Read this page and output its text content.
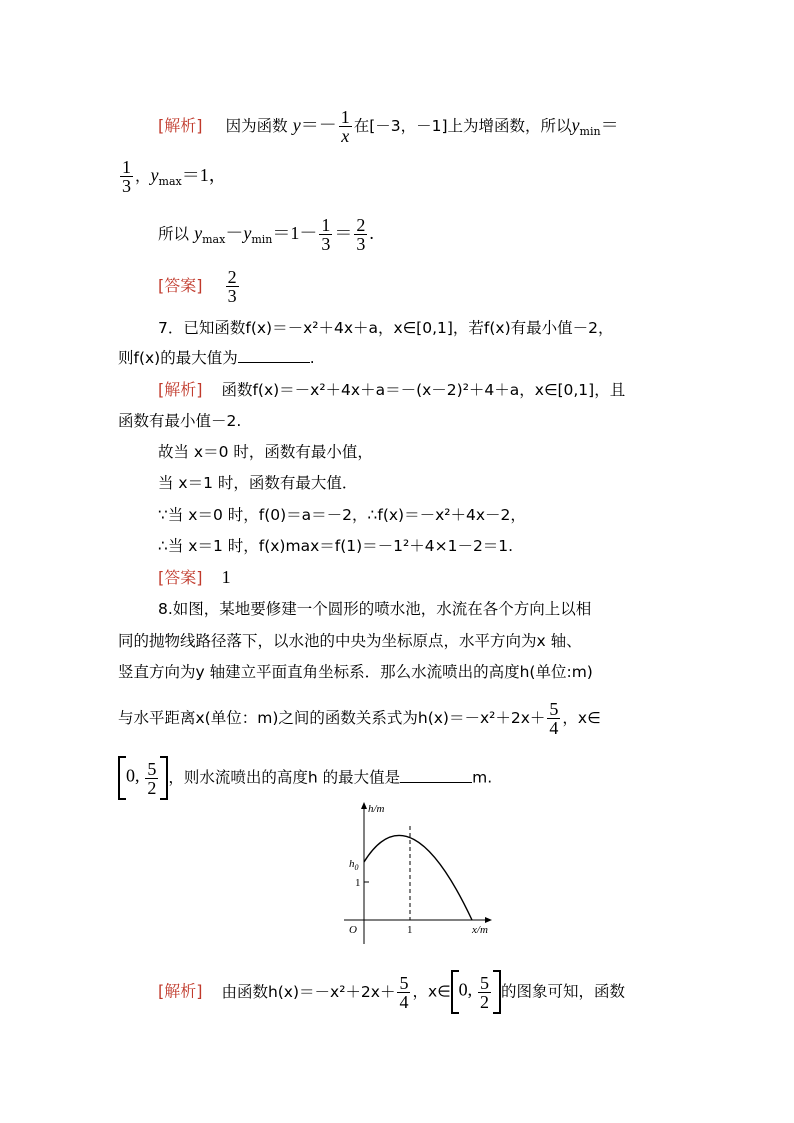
[解析] 因为函数 $y=- \frac{1}{x}$ 在[－3，－1]上为增函数，所以$y_{min}=$
$\frac{1}{3}$ ，$y_{max}=1$，
所以 $y_{max}-y_{min}=1- \frac{1}{3} = \frac{2}{3}$ .
[答案] $\frac{2}{3}$
7．已知函数f(x)＝－x²＋4x＋a，x∈[0,1]，若f(x)有最小值－2，
则f(x)的最大值为	.
[解析] 函数f(x)＝－x²＋4x＋a＝－(x－2)²＋4＋a，x∈[0,1]，且
函数有最小值－2.
故当 x＝0 时，函数有最小值，
当 x＝1 时，函数有最大值．
∵当 x＝0 时，f(0)＝a＝－2，∴f(x)＝－x²＋4x－2，
∴当 x＝1 时，f(x)max＝f(1)＝－1²＋4×1－2＝1.
[答案] 1
8.如图，某地要修建一个圆形的喷水池，水流在各个方向上以相
同的抛物线路径落下，以水池的中央为坐标原点，水平方向为x 轴、
竖直方向为y 轴建立平面直角坐标系．那么水流喷出的高度h(单位:m)
与水平距离x(单位：m)之间的函数关系式为$h(x)=-x^2+2x+ \frac{5}{4}$ ，x∈
0, $\frac{5}{2}$ ，则水流喷出的高度h 的最大值是	m.
h/m
x/m
O
$h_0$
1
1
[解析] 由函数$h(x)=-x^2+2x+ \frac{5}{4}$ ，x∈ 0, $\frac{5}{2}$ 的图象可知，函数
